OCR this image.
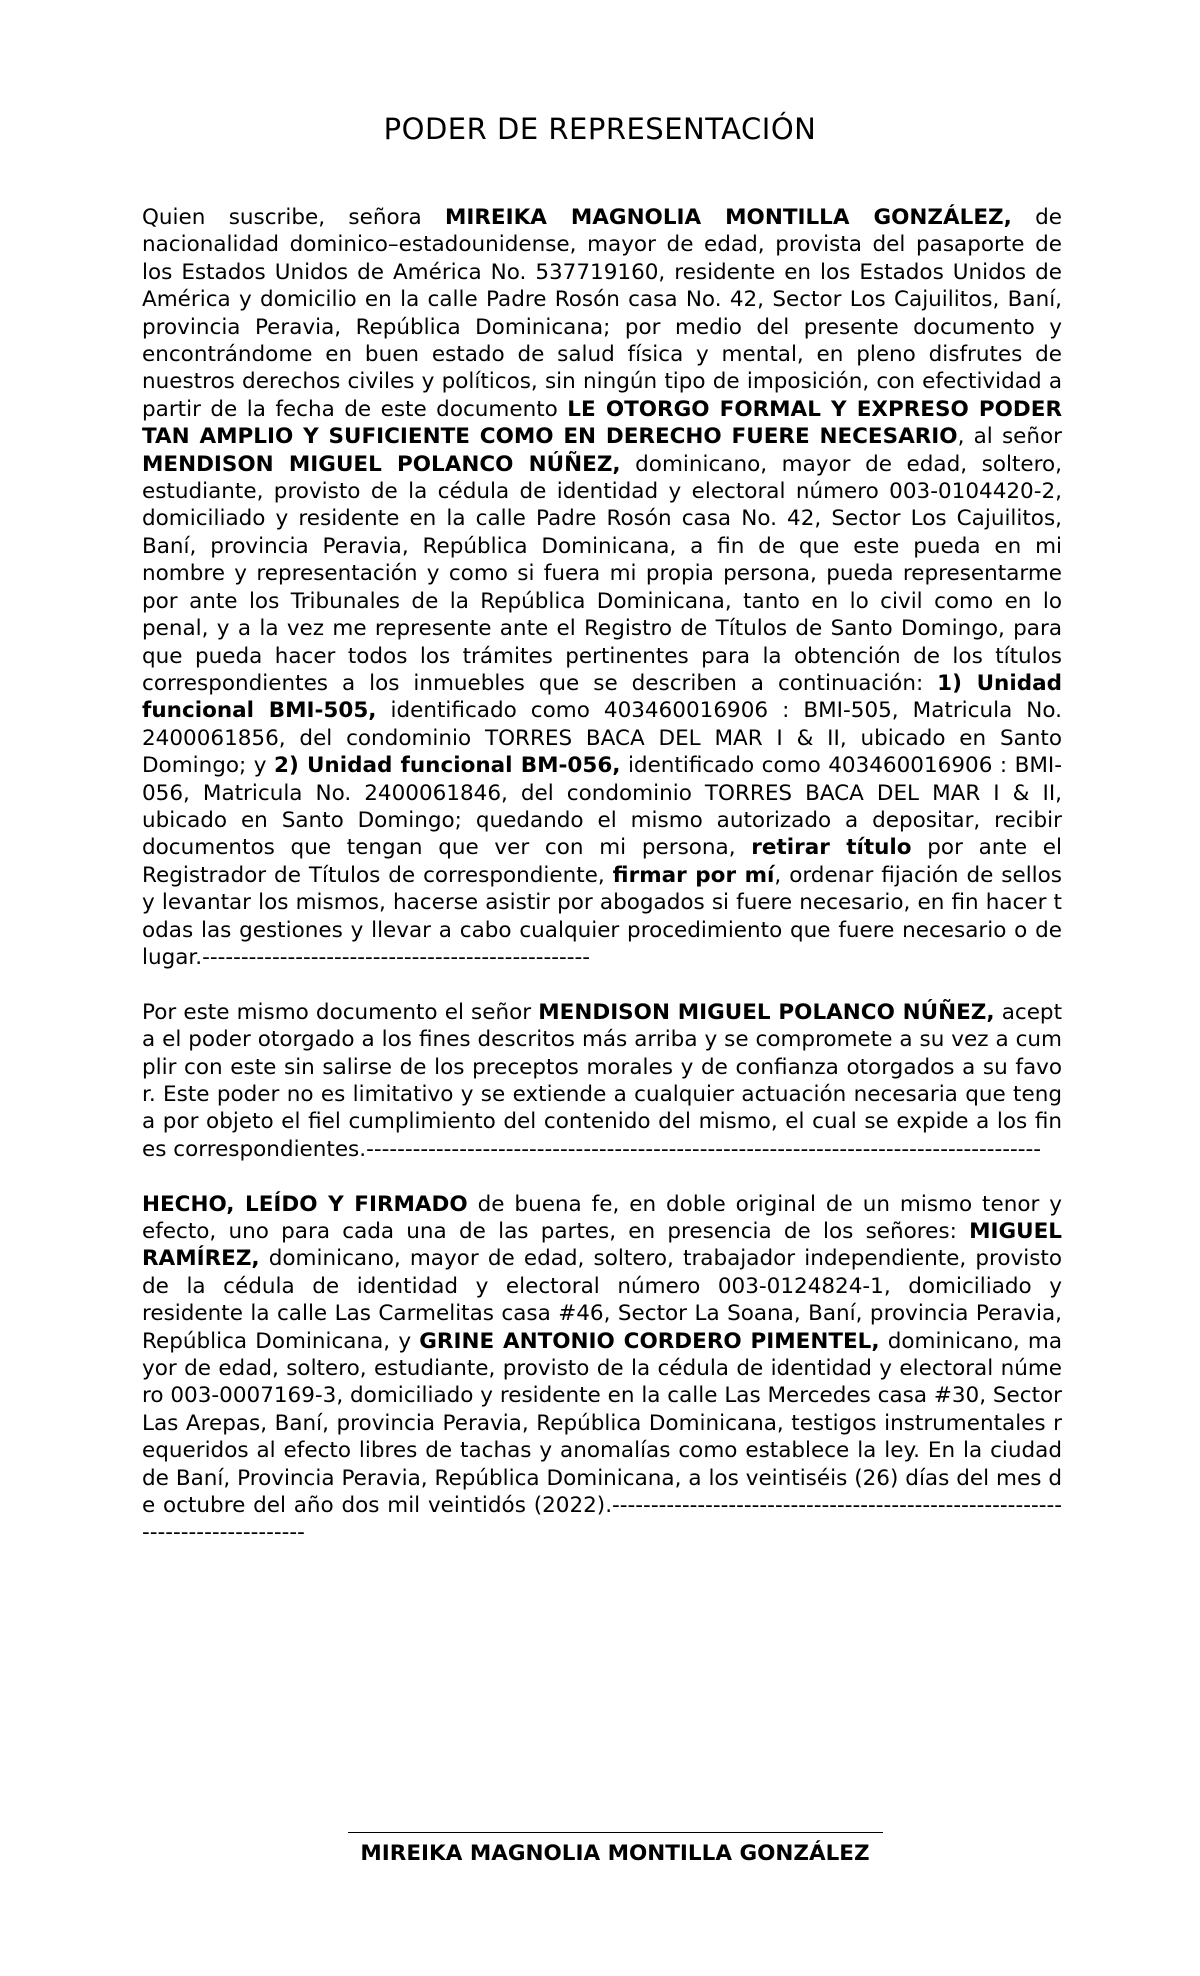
PODER DE REPRESENTACIÓN

Quien suscribe, señora MIREIKA MAGNOLIA MONTILLA GONZÁLEZ, de nacionalidad dominico–estadounidense, mayor de edad, provista del pasaporte de los Estados Unidos de América No. 537719160, residente en los Estados Unidos de América y domicilio en la calle Padre Rosón casa No. 42, Sector Los Cajuilitos, Baní, provincia Peravia, República Dominicana; por medio del presente documento y encontrándome en buen estado de salud física y mental, en pleno disfrutes de nuestros derechos civiles y políticos, sin ningún tipo de imposición, con efectividad a partir de la fecha de este documento LE OTORGO FORMAL Y EXPRESO PODER TAN AMPLIO Y SUFICIENTE COMO EN DERECHO FUERE NECESARIO, al señor MENDISON MIGUEL POLANCO NÚÑEZ, dominicano, mayor de edad, soltero, estudiante, provisto de la cédula de identidad y electoral número 003-0104420-2, domiciliado y residente en la calle Padre Rosón casa No. 42, Sector Los Cajuilitos, Baní, provincia Peravia, República Dominicana, a fin de que este pueda en mi nombre y representación y como si fuera mi propia persona, pueda representarme por ante los Tribunales de la República Dominicana, tanto en lo civil como en lo penal, y a la vez me represente ante el Registro de Títulos de Santo Domingo, para que pueda hacer todos los trámites pertinentes para la obtención de los títulos correspondientes a los inmuebles que se describen a continuación: 1) Unidad funcional BMI-505, identificado como 403460016906 : BMI-505, Matricula No. 2400061856, del condominio TORRES BACA DEL MAR I & II, ubicado en Santo Domingo; y 2) Unidad funcional BM-056, identificado como 403460016906 : BMI-056, Matricula No. 2400061846, del condominio TORRES BACA DEL MAR I & II, ubicado en Santo Domingo; quedando el mismo autorizado a depositar, recibir documentos que tengan que ver con mi persona, retirar título por ante el Registrador de Títulos de correspondiente, firmar por mí, ordenar fijación de sellos y levantar los mismos, hacerse asistir por abogados si fuere necesario, en fin hacer todas las gestiones y llevar a cabo cualquier procedimiento que fuere necesario o de lugar.--------------------------------------------------

Por este mismo documento el señor MENDISON MIGUEL POLANCO NÚÑEZ, acepta el poder otorgado a los fines descritos más arriba y se compromete a su vez a cumplir con este sin salirse de los preceptos morales y de confianza otorgados a su favor. Este poder no es limitativo y se extiende a cualquier actuación necesaria que tenga por objeto el fiel cumplimiento del contenido del mismo, el cual se expide a los fines correspondientes.---------------------------------------------------------------------------------------

HECHO, LEÍDO Y FIRMADO de buena fe, en doble original de un mismo tenor y efecto, uno para cada una de las partes, en presencia de los señores: MIGUEL RAMÍREZ, dominicano, mayor de edad, soltero, trabajador independiente, provisto de la cédula de identidad y electoral número 003-0124824-1, domiciliado y residente la calle Las Carmelitas casa #46, Sector La Soana, Baní, provincia Peravia, República Dominicana, y GRINE ANTONIO CORDERO PIMENTEL, dominicano, mayor de edad, soltero, estudiante, provisto de la cédula de identidad y electoral número 003-0007169-3, domiciliado y residente en la calle Las Mercedes casa #30, Sector Las Arepas, Baní, provincia Peravia, República Dominicana, testigos instrumentales requeridos al efecto libres de tachas y anomalías como establece la ley. En la ciudad de Baní, Provincia Peravia, República Dominicana, a los veintiséis (26) días del mes de octubre del año dos mil veintidós (2022).-------------------------------------------------------------------------------

MIREIKA MAGNOLIA MONTILLA GONZÁLEZ
